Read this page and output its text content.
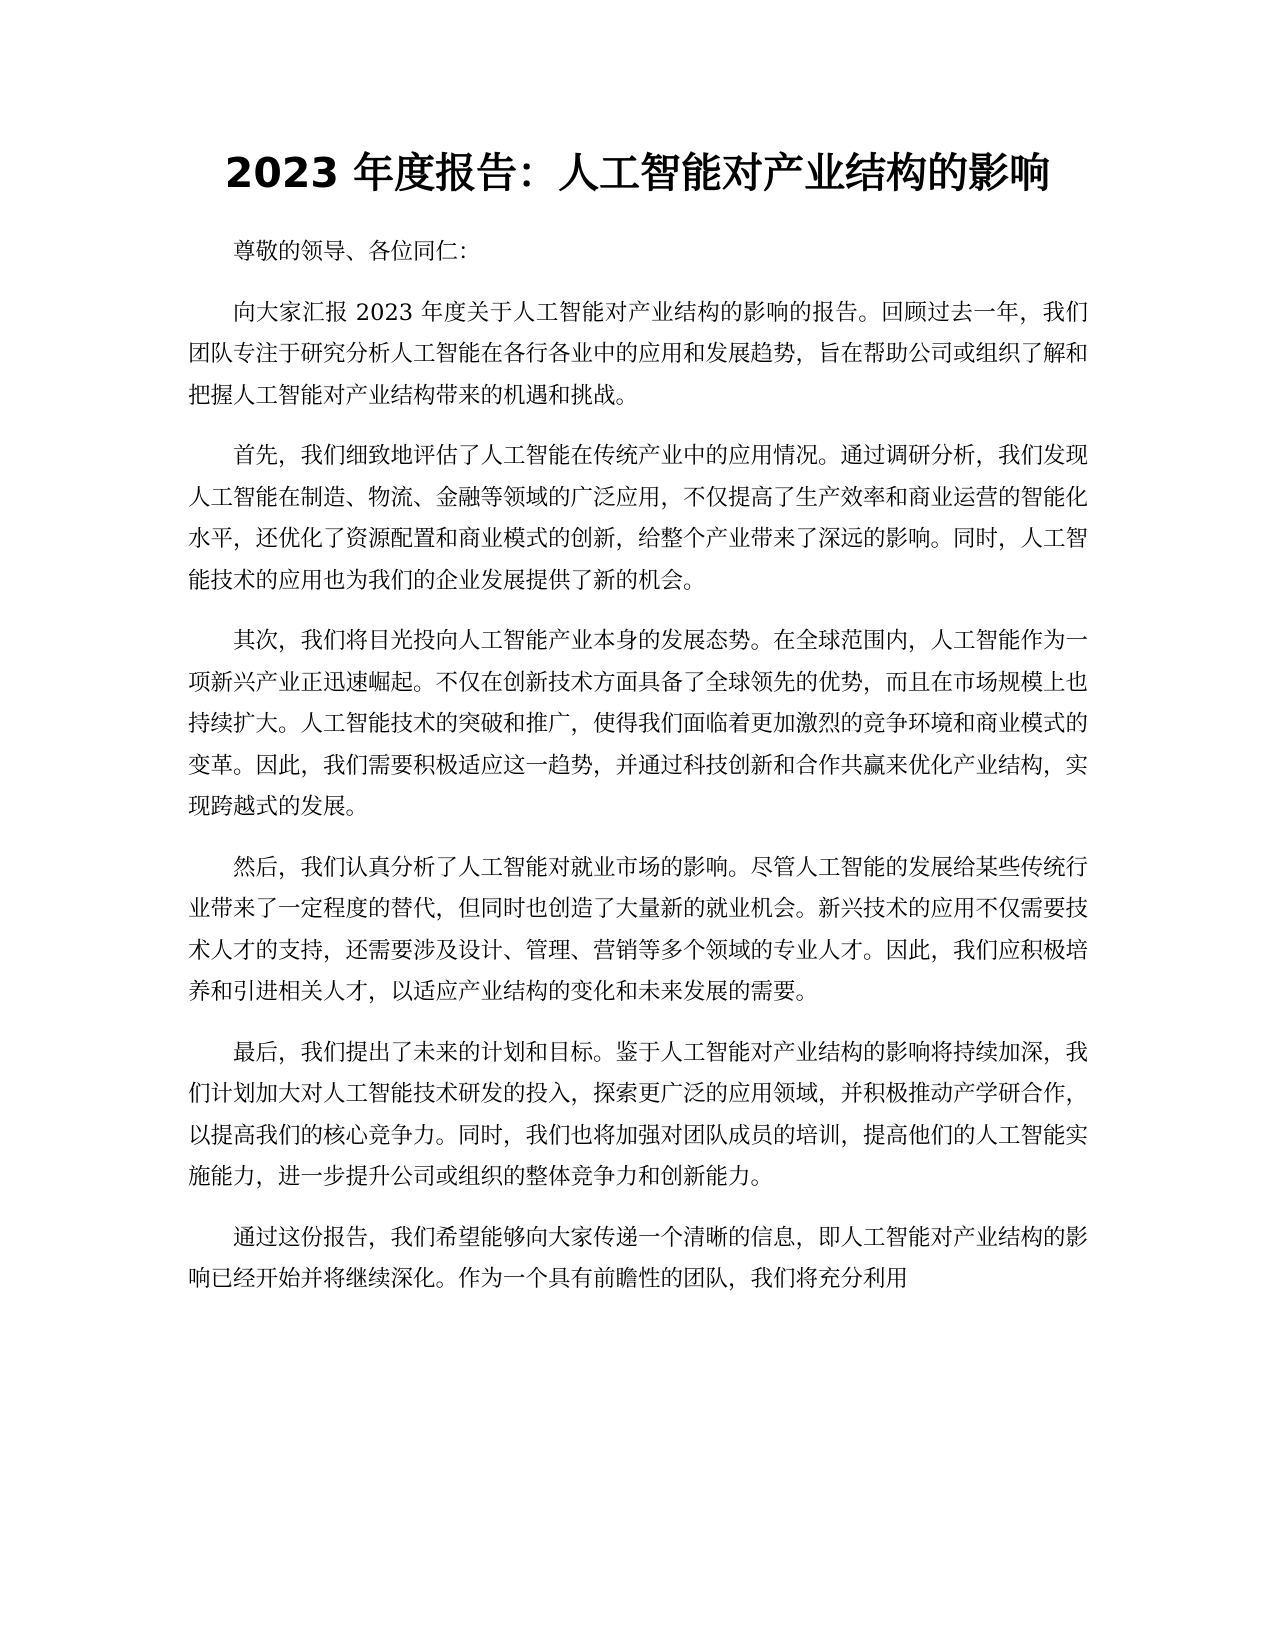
2023 年度报告：人工智能对产业结构的影响

尊敬的领导、各位同仁：

向大家汇报 2023 年度关于人工智能对产业结构的影响的报告。回顾过去一年，我们团队专注于研究分析人工智能在各行各业中的应用和发展趋势，旨在帮助公司或组织了解和把握人工智能对产业结构带来的机遇和挑战。

首先，我们细致地评估了人工智能在传统产业中的应用情况。通过调研分析，我们发现人工智能在制造、物流、金融等领域的广泛应用，不仅提高了生产效率和商业运营的智能化水平，还优化了资源配置和商业模式的创新，给整个产业带来了深远的影响。同时，人工智能技术的应用也为我们的企业发展提供了新的机会。

其次，我们将目光投向人工智能产业本身的发展态势。在全球范围内，人工智能作为一项新兴产业正迅速崛起。不仅在创新技术方面具备了全球领先的优势，而且在市场规模上也持续扩大。人工智能技术的突破和推广，使得我们面临着更加激烈的竞争环境和商业模式的变革。因此，我们需要积极适应这一趋势，并通过科技创新和合作共赢来优化产业结构，实现跨越式的发展。

然后，我们认真分析了人工智能对就业市场的影响。尽管人工智能的发展给某些传统行业带来了一定程度的替代，但同时也创造了大量新的就业机会。新兴技术的应用不仅需要技术人才的支持，还需要涉及设计、管理、营销等多个领域的专业人才。因此，我们应积极培养和引进相关人才，以适应产业结构的变化和未来发展的需要。

最后，我们提出了未来的计划和目标。鉴于人工智能对产业结构的影响将持续加深，我们计划加大对人工智能技术研发的投入，探索更广泛的应用领域，并积极推动产学研合作，以提高我们的核心竞争力。同时，我们也将加强对团队成员的培训，提高他们的人工智能实施能力，进一步提升公司或组织的整体竞争力和创新能力。

通过这份报告，我们希望能够向大家传递一个清晰的信息，即人工智能对产业结构的影响已经开始并将继续深化。作为一个具有前瞻性的团队，我们将充分利用
